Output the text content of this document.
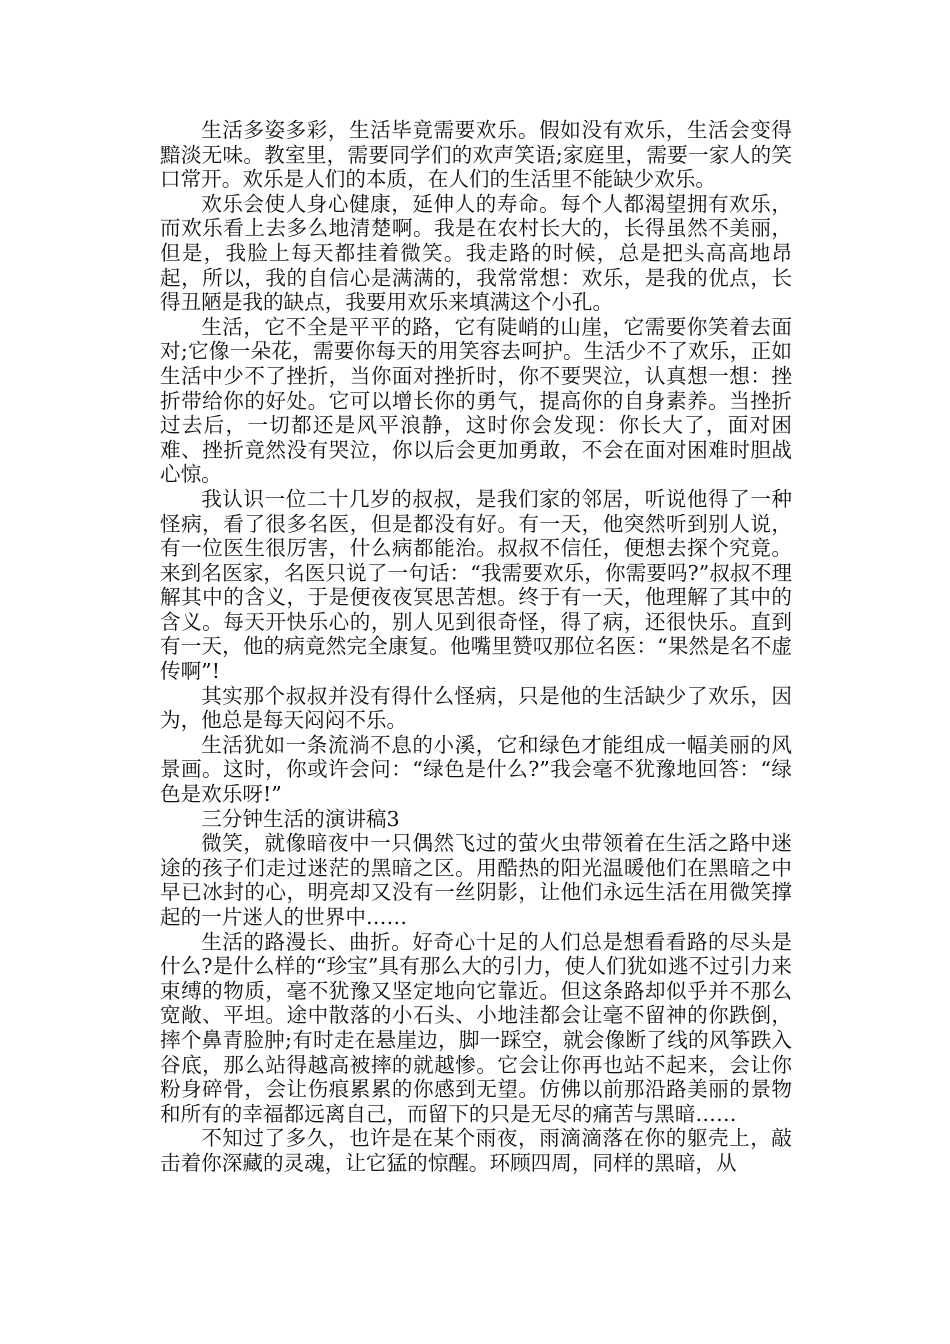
生活多姿多彩，生活毕竟需要欢乐。假如没有欢乐，生活会变得黯淡无味。教室里，需要同学们的欢声笑语;家庭里，需要一家人的笑口常开。欢乐是人们的本质，在人们的生活里不能缺少欢乐。

欢乐会使人身心健康，延伸人的寿命。每个人都渴望拥有欢乐，而欢乐看上去多么地清楚啊。我是在农村长大的，长得虽然不美丽，但是，我脸上每天都挂着微笑。我走路的时候，总是把头高高地昂起，所以，我的自信心是满满的，我常常想：欢乐，是我的优点，长得丑陋是我的缺点，我要用欢乐来填满这个小孔。

生活，它不全是平平的路，它有陡峭的山崖，它需要你笑着去面对;它像一朵花，需要你每天的用笑容去呵护。生活少不了欢乐，正如生活中少不了挫折，当你面对挫折时，你不要哭泣，认真想一想：挫折带给你的好处。它可以增长你的勇气，提高你的自身素养。当挫折过去后，一切都还是风平浪静，这时你会发现：你长大了，面对困难、挫折竟然没有哭泣，你以后会更加勇敢，不会在面对困难时胆战心惊。

我认识一位二十几岁的叔叔，是我们家的邻居，听说他得了一种怪病，看了很多名医，但是都没有好。有一天，他突然听到别人说，有一位医生很厉害，什么病都能治。叔叔不信任，便想去探个究竟。来到名医家，名医只说了一句话：“我需要欢乐，你需要吗?”叔叔不理解其中的含义，于是便夜夜冥思苦想。终于有一天，他理解了其中的含义。每天开快乐心的，别人见到很奇怪，得了病，还很快乐。直到有一天，他的病竟然完全康复。他嘴里赞叹那位名医：“果然是名不虚传啊”!

其实那个叔叔并没有得什么怪病，只是他的生活缺少了欢乐，因为，他总是每天闷闷不乐。

生活犹如一条流淌不息的小溪，它和绿色才能组成一幅美丽的风景画。这时，你或许会问：“绿色是什么?”我会毫不犹豫地回答：“绿色是欢乐呀!”

三分钟生活的演讲稿3

微笑，就像暗夜中一只偶然飞过的萤火虫带领着在生活之路中迷途的孩子们走过迷茫的黑暗之区。用酷热的阳光温暖他们在黑暗之中早已冰封的心，明亮却又没有一丝阴影，让他们永远生活在用微笑撑起的一片迷人的世界中……

生活的路漫长、曲折。好奇心十足的人们总是想看看路的尽头是什么?是什么样的“珍宝”具有那么大的引力，使人们犹如逃不过引力来束缚的物质，毫不犹豫又坚定地向它靠近。但这条路却似乎并不那么宽敞、平坦。途中散落的小石头、小地洼都会让毫不留神的你跌倒，摔个鼻青脸肿;有时走在悬崖边，脚一踩空，就会像断了线的风筝跌入谷底，那么站得越高被摔的就越惨。它会让你再也站不起来，会让你粉身碎骨，会让伤痕累累的你感到无望。仿佛以前那沿路美丽的景物和所有的幸福都远离自己，而留下的只是无尽的痛苦与黑暗……

不知过了多久，也许是在某个雨夜，雨滴滴落在你的躯壳上，敲击着你深藏的灵魂，让它猛的惊醒。环顾四周，同样的黑暗，从
